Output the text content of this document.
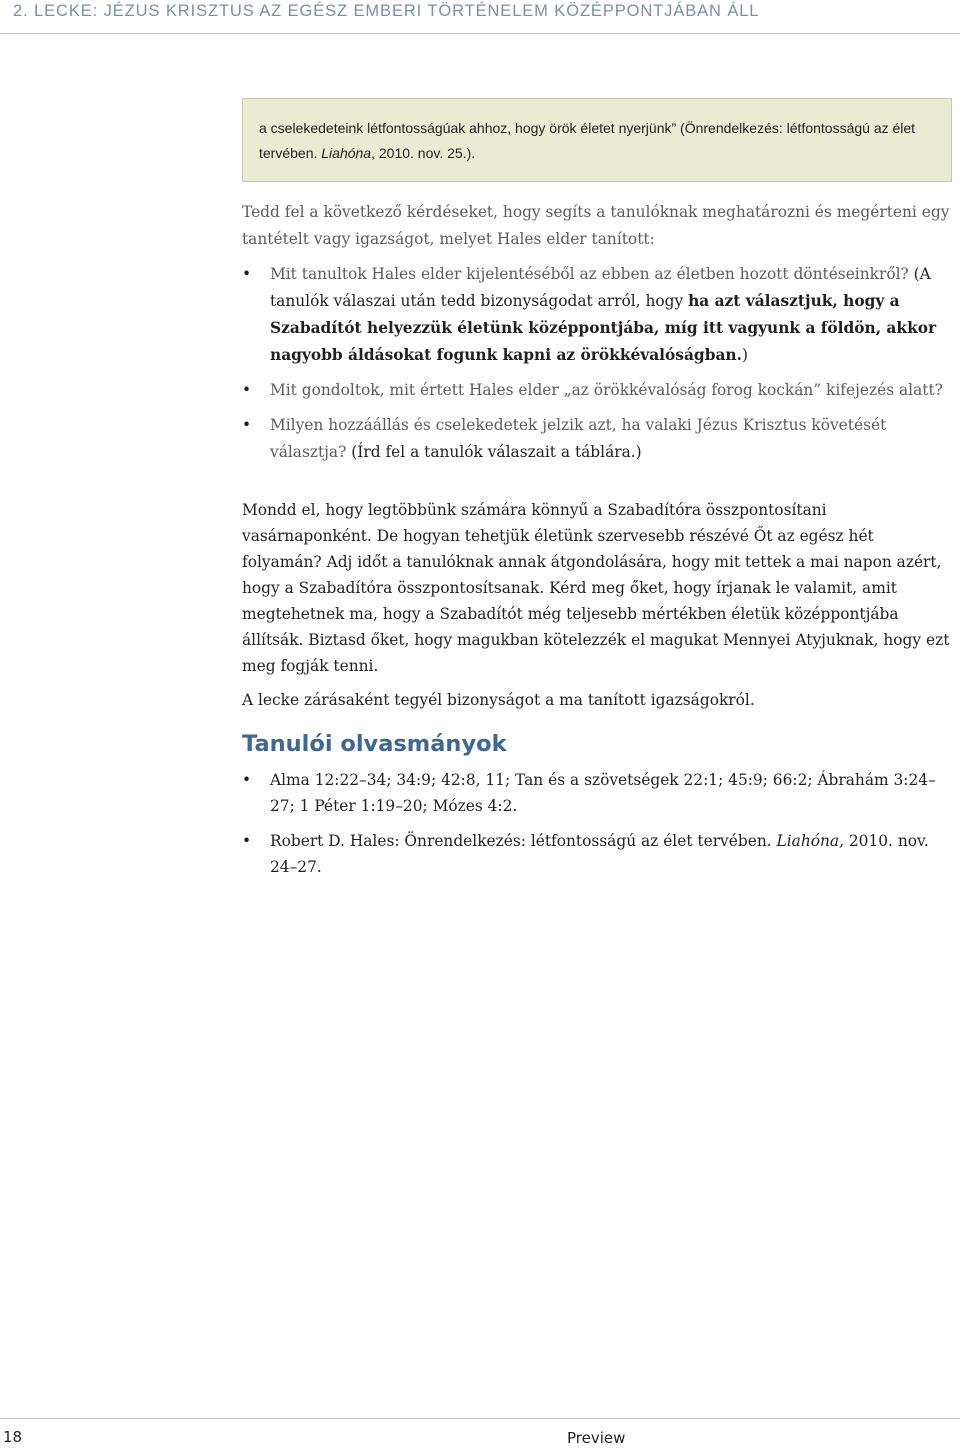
2. LECKE: JÉZUS KRISZTUS AZ EGÉSZ EMBERI TÖRTÉNELEM KÖZÉPPONTJÁBAN ÁLL

a cselekedeteink létfontosságúak ahhoz, hogy örök életet nyerjünk” (Önrendelkezés: létfontosságú az élet tervében. Liahóna, 2010. nov. 25.).

Tedd fel a következő kérdéseket, hogy segíts a tanulóknak meghatározni és megérteni egy tantételt vagy igazságot, melyet Hales elder tanított:

• Mit tanultok Hales elder kijelentéséből az ebben az életben hozott döntéseinkről? (A tanulók válaszai után tedd bizonyságodat arról, hogy ha azt választjuk, hogy a Szabadítót helyezzük életünk középpontjába, míg itt vagyunk a földön, akkor nagyobb áldásokat fogunk kapni az örökkévalóságban.)
• Mit gondoltok, mit értett Hales elder „az örökkévalóság forog kockán” kifejezés alatt?
• Milyen hozzáállás és cselekedetek jelzik azt, ha valaki Jézus Krisztus követését választja? (Írd fel a tanulók válaszait a táblára.)

Mondd el, hogy legtöbbünk számára könnyű a Szabadítóra összpontosítani vasárnaponként. De hogyan tehetjük életünk szervesebb részévé Őt az egész hét folyamán? Adj időt a tanulóknak annak átgondolására, hogy mit tettek a mai napon azért, hogy a Szabadítóra összpontosítsanak. Kérd meg őket, hogy írjanak le valamit, amit megtehetnek ma, hogy a Szabadítót még teljesebb mértékben életük középpontjába állítsák. Biztasd őket, hogy magukban kötelezzék el magukat Mennyei Atyjuknak, hogy ezt meg fogják tenni.

A lecke zárásaként tegyél bizonyságot a ma tanított igazságokról.

Tanulói olvasmányok
• Alma 12:22–34; 34:9; 42:8, 11; Tan és a szövetségek 22:1; 45:9; 66:2; Ábrahám 3:24–27; 1 Péter 1:19–20; Mózes 4:2.
• Robert D. Hales: Önrendelkezés: létfontosságú az élet tervében. Liahóna, 2010. nov. 24–27.
18	Preview
